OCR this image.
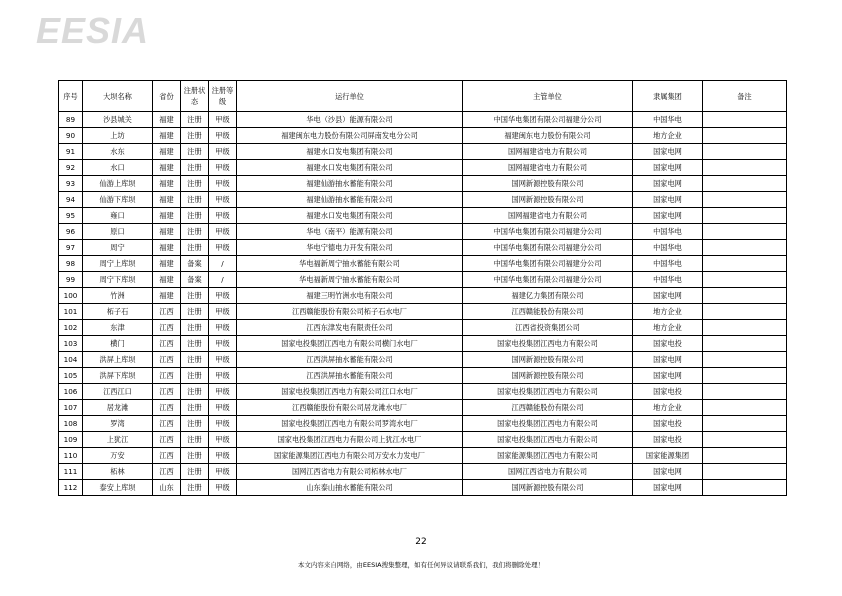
EESIA
序号	大坝名称	省份	注册状态	注册等级	运行单位	主管单位	隶属集团	备注
89	沙县城关	福建	注册	甲级	华电（沙县）能源有限公司	中国华电集团有限公司福建分公司	中国华电	
90	上坊	福建	注册	甲级	福建闽东电力股份有限公司屏南发电分公司	福建闽东电力股份有限公司	地方企业	
91	水东	福建	注册	甲级	福建水口发电集团有限公司	国网福建省电力有限公司	国家电网	
92	水口	福建	注册	甲级	福建水口发电集团有限公司	国网福建省电力有限公司	国家电网	
93	仙游上库坝	福建	注册	甲级	福建仙游抽水蓄能有限公司	国网新源控股有限公司	国家电网	
94	仙游下库坝	福建	注册	甲级	福建仙游抽水蓄能有限公司	国网新源控股有限公司	国家电网	
95	雍口	福建	注册	甲级	福建水口发电集团有限公司	国网福建省电力有限公司	国家电网	
96	原口	福建	注册	甲级	华电（南平）能源有限公司	中国华电集团有限公司福建分公司	中国华电	
97	周宁	福建	注册	甲级	华电宁德电力开发有限公司	中国华电集团有限公司福建分公司	中国华电	
98	周宁上库坝	福建	备案	/	华电福新周宁抽水蓄能有限公司	中国华电集团有限公司福建分公司	中国华电	
99	周宁下库坝	福建	备案	/	华电福新周宁抽水蓄能有限公司	中国华电集团有限公司福建分公司	中国华电	
100	竹洲	福建	注册	甲级	福建三明竹洲水电有限公司	福建亿力集团有限公司	国家电网	
101	柘子石	江西	注册	甲级	江西赣能股份有限公司柘子石水电厂	江西赣能股份有限公司	地方企业	
102	东津	江西	注册	甲级	江西东津发电有限责任公司	江西省投资集团公司	地方企业	
103	横门	江西	注册	甲级	国家电投集团江西电力有限公司横门水电厂	国家电投集团江西电力有限公司	国家电投	
104	洪屏上库坝	江西	注册	甲级	江西洪屏抽水蓄能有限公司	国网新源控股有限公司	国家电网	
105	洪屏下库坝	江西	注册	甲级	江西洪屏抽水蓄能有限公司	国网新源控股有限公司	国家电网	
106	江西江口	江西	注册	甲级	国家电投集团江西电力有限公司江口水电厂	国家电投集团江西电力有限公司	国家电投	
107	居龙滩	江西	注册	甲级	江西赣能股份有限公司居龙滩水电厂	江西赣能股份有限公司	地方企业	
108	罗湾	江西	注册	甲级	国家电投集团江西电力有限公司罗湾水电厂	国家电投集团江西电力有限公司	国家电投	
109	上犹江	江西	注册	甲级	国家电投集团江西电力有限公司上犹江水电厂	国家电投集团江西电力有限公司	国家电投	
110	万安	江西	注册	甲级	国家能源集团江西电力有限公司万安水力发电厂	国家能源集团江西电力有限公司	国家能源集团	
111	柘林	江西	注册	甲级	国网江西省电力有限公司柘林水电厂	国网江西省电力有限公司	国家电网	
112	泰安上库坝	山东	注册	甲级	山东泰山抽水蓄能有限公司	国网新源控股有限公司	国家电网	
22
本文内容来自网络，由EESIA搜集整理，如有任何异议请联系我们，我们将删除处理！
